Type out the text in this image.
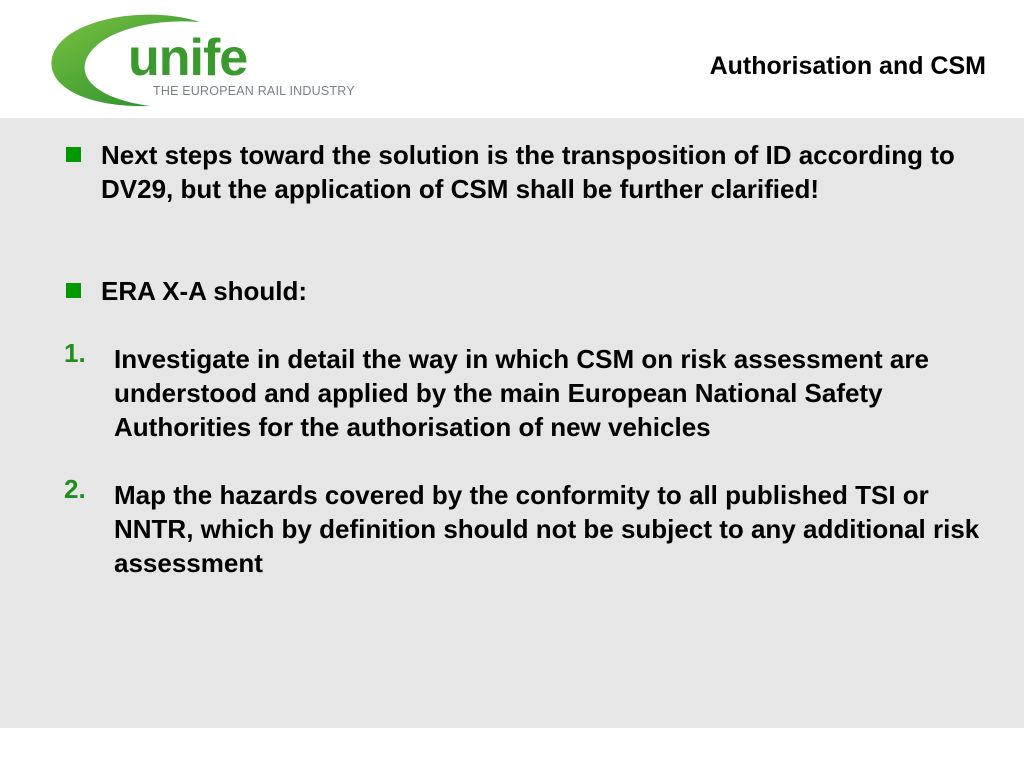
unife
THE EUROPEAN RAIL INDUSTRY
Authorisation and CSM
Next steps toward the solution is the transposition of ID according to DV29, but the application of CSM shall be further clarified!
ERA X-A should:
1. Investigate in detail the way in which CSM on risk assessment are understood and applied by the main European National Safety Authorities for the authorisation of new vehicles
2. Map the hazards covered by the conformity to all published TSI or NNTR, which by definition should not be subject to any additional risk assessment
